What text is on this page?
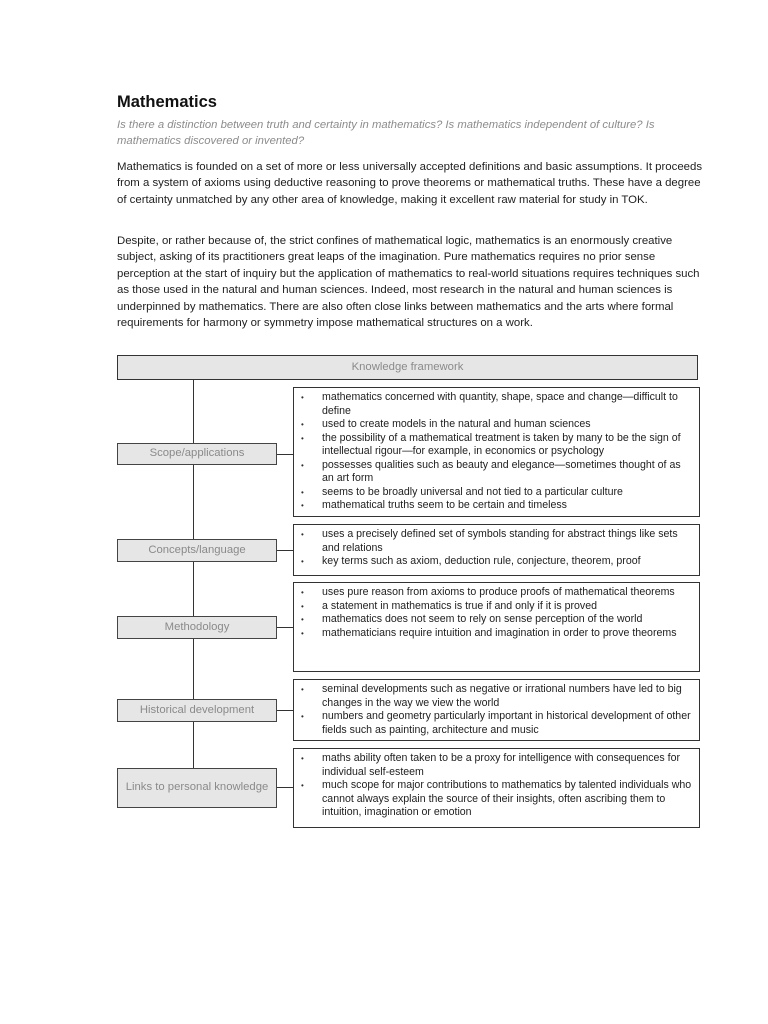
Mathematics

Is there a distinction between truth and certainty in mathematics? Is mathematics independent of culture? Is mathematics discovered or invented?

Mathematics is founded on a set of more or less universally accepted definitions and basic assumptions. It proceeds from a system of axioms using deductive reasoning to prove theorems or mathematical truths. These have a degree of certainty unmatched by any other area of knowledge, making it excellent raw material for study in TOK.

Despite, or rather because of, the strict confines of mathematical logic, mathematics is an enormously creative subject, asking of its practitioners great leaps of the imagination. Pure mathematics requires no prior sense perception at the start of inquiry but the application of mathematics to real-world situations requires techniques such as those used in the natural and human sciences. Indeed, most research in the natural and human sciences is underpinned by mathematics. There are also often close links between mathematics and the arts where formal requirements for harmony or symmetry impose mathematical structures on a work.

Knowledge framework
Scope/applications
• mathematics concerned with quantity, shape, space and change—difficult to define
• used to create models in the natural and human sciences
• the possibility of a mathematical treatment is taken by many to be the sign of intellectual rigour—for example, in economics or psychology
• possesses qualities such as beauty and elegance—sometimes thought of as an art form
• seems to be broadly universal and not tied to a particular culture
• mathematical truths seem to be certain and timeless
Concepts/language
• uses a precisely defined set of symbols standing for abstract things like sets and relations
• key terms such as axiom, deduction rule, conjecture, theorem, proof
Methodology
• uses pure reason from axioms to produce proofs of mathematical theorems
• a statement in mathematics is true if and only if it is proved
• mathematics does not seem to rely on sense perception of the world
• mathematicians require intuition and imagination in order to prove theorems
Historical development
• seminal developments such as negative or irrational numbers have led to big changes in the way we view the world
• numbers and geometry particularly important in historical development of other fields such as painting, architecture and music
Links to personal knowledge
• maths ability often taken to be a proxy for intelligence with consequences for individual self-esteem
• much scope for major contributions to mathematics by talented individuals who cannot always explain the source of their insights, often ascribing them to intuition, imagination or emotion
